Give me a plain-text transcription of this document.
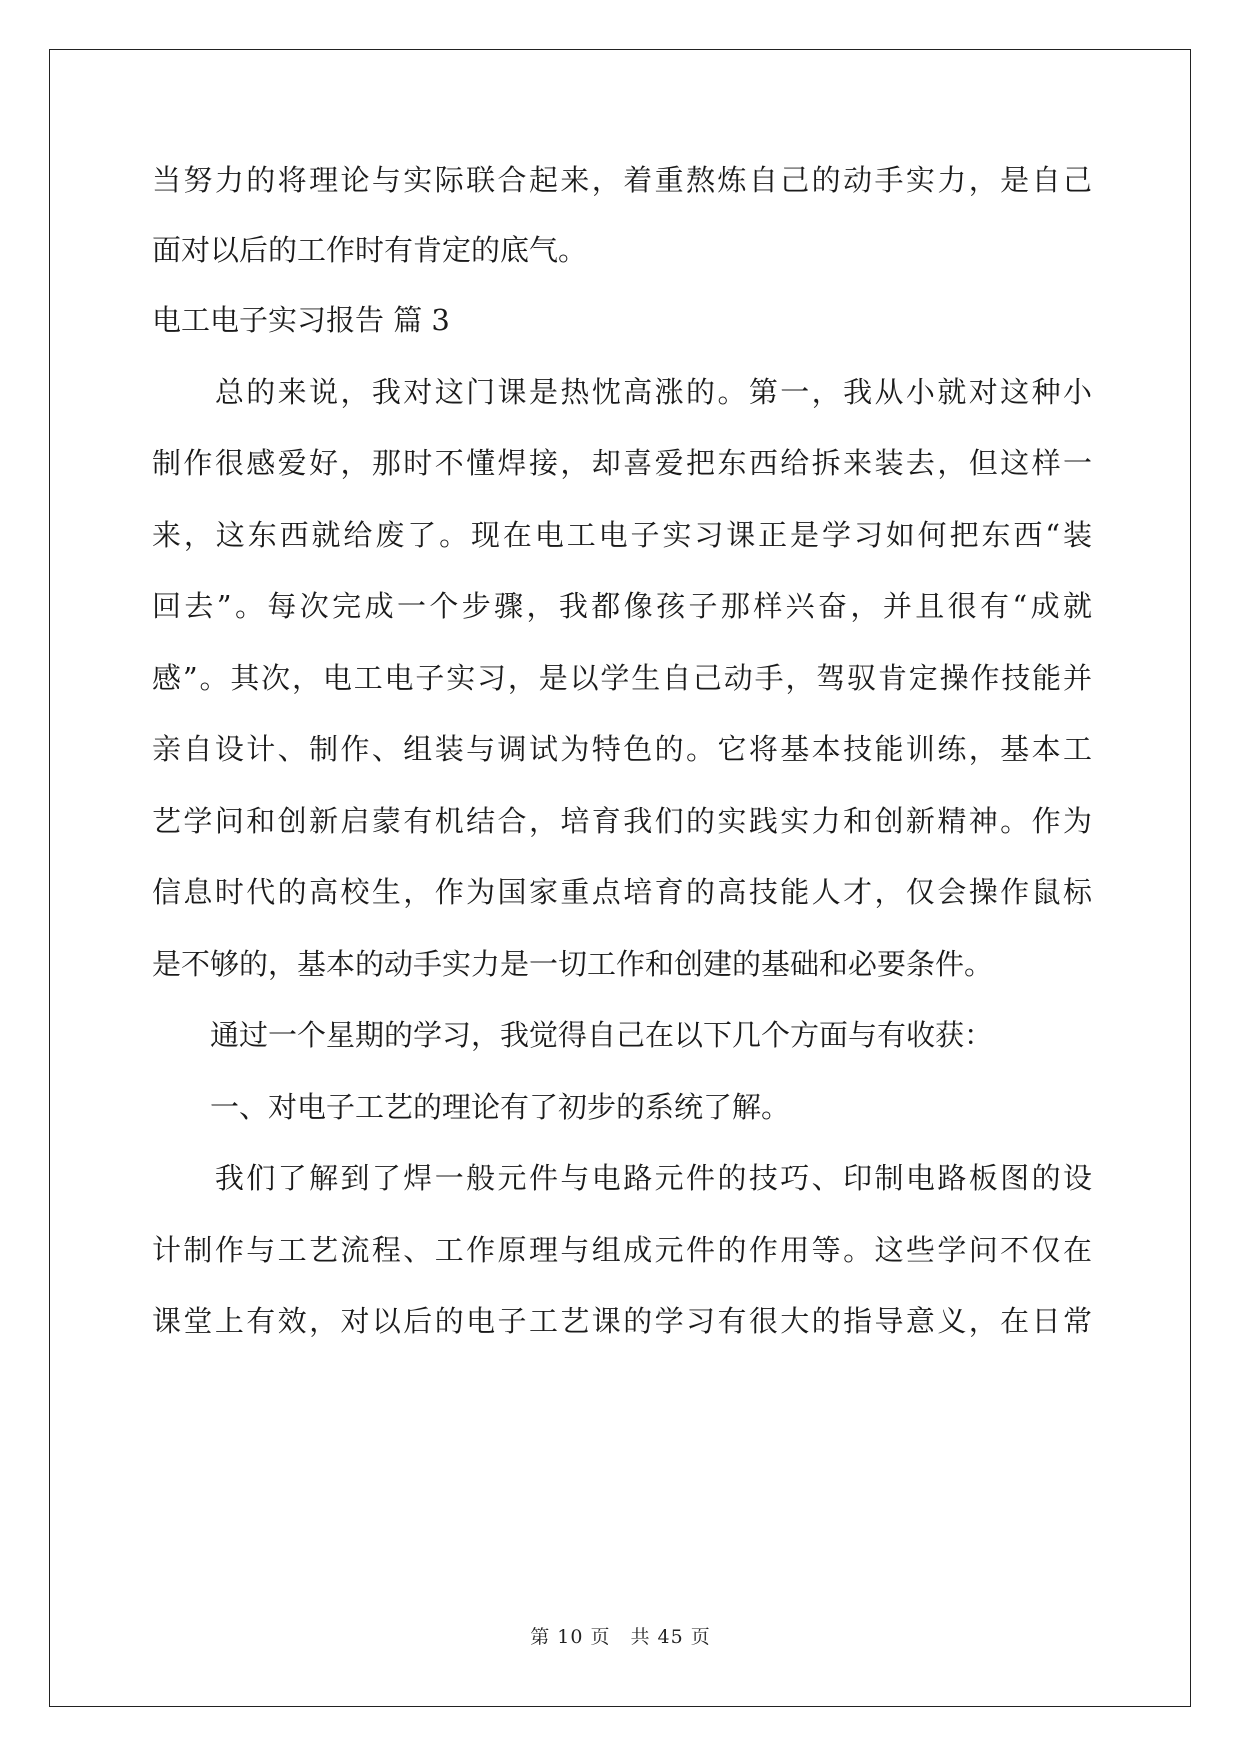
当努力的将理论与实际联合起来，着重熬炼自己的动手实力，是自己
面对以后的工作时有肯定的底气。
电工电子实习报告 篇 3
　　总的来说，我对这门课是热忱高涨的。第一，我从小就对这种小
制作很感爱好，那时不懂焊接，却喜爱把东西给拆来装去，但这样一
来，这东西就给废了。现在电工电子实习课正是学习如何把东西“装
回去”。每次完成一个步骤，我都像孩子那样兴奋，并且很有“成就
感”。其次，电工电子实习，是以学生自己动手，驾驭肯定操作技能并
亲自设计、制作、组装与调试为特色的。它将基本技能训练，基本工
艺学问和创新启蒙有机结合，培育我们的实践实力和创新精神。作为
信息时代的高校生，作为国家重点培育的高技能人才，仅会操作鼠标
是不够的，基本的动手实力是一切工作和创建的基础和必要条件。
　　通过一个星期的学习，我觉得自己在以下几个方面与有收获：
　　一、对电子工艺的理论有了初步的系统了解。
　　我们了解到了焊一般元件与电路元件的技巧、印制电路板图的设
计制作与工艺流程、工作原理与组成元件的作用等。这些学问不仅在
课堂上有效，对以后的电子工艺课的学习有很大的指导意义，在日常
第 10 页　共 45 页
